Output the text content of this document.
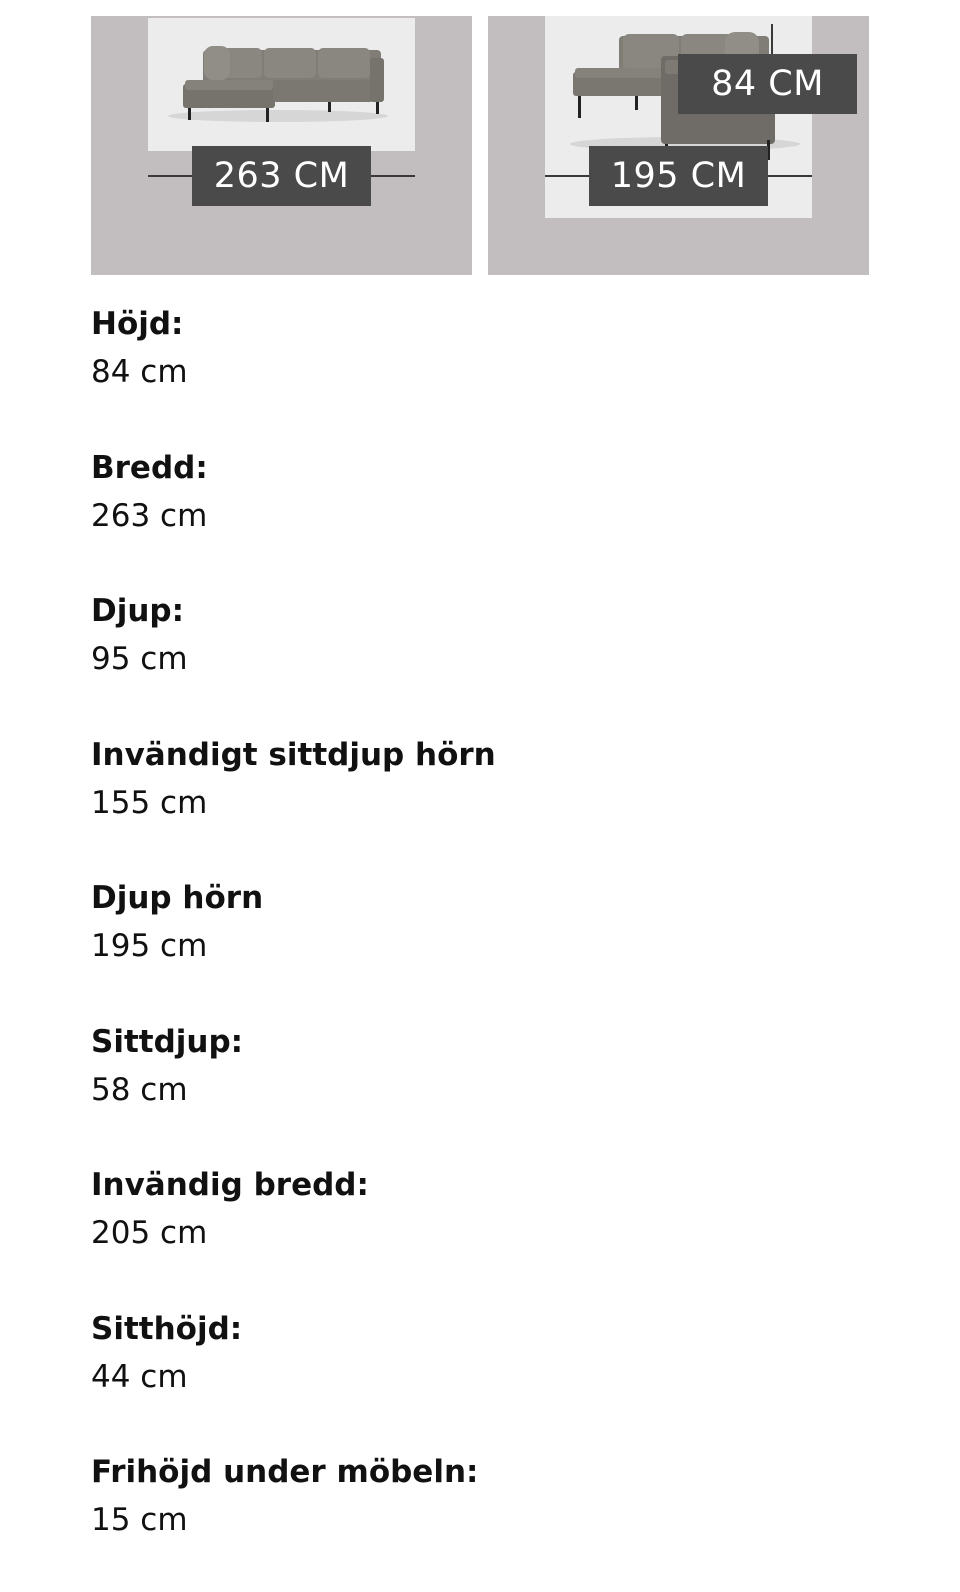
263 CM
84 CM
195 CM
Höjd:
84 cm
Bredd:
263 cm
Djup:
95 cm
Invändigt sittdjup hörn
155 cm
Djup hörn
195 cm
Sittdjup:
58 cm
Invändig bredd:
205 cm
Sitthöjd:
44 cm
Frihöjd under möbeln:
15 cm
